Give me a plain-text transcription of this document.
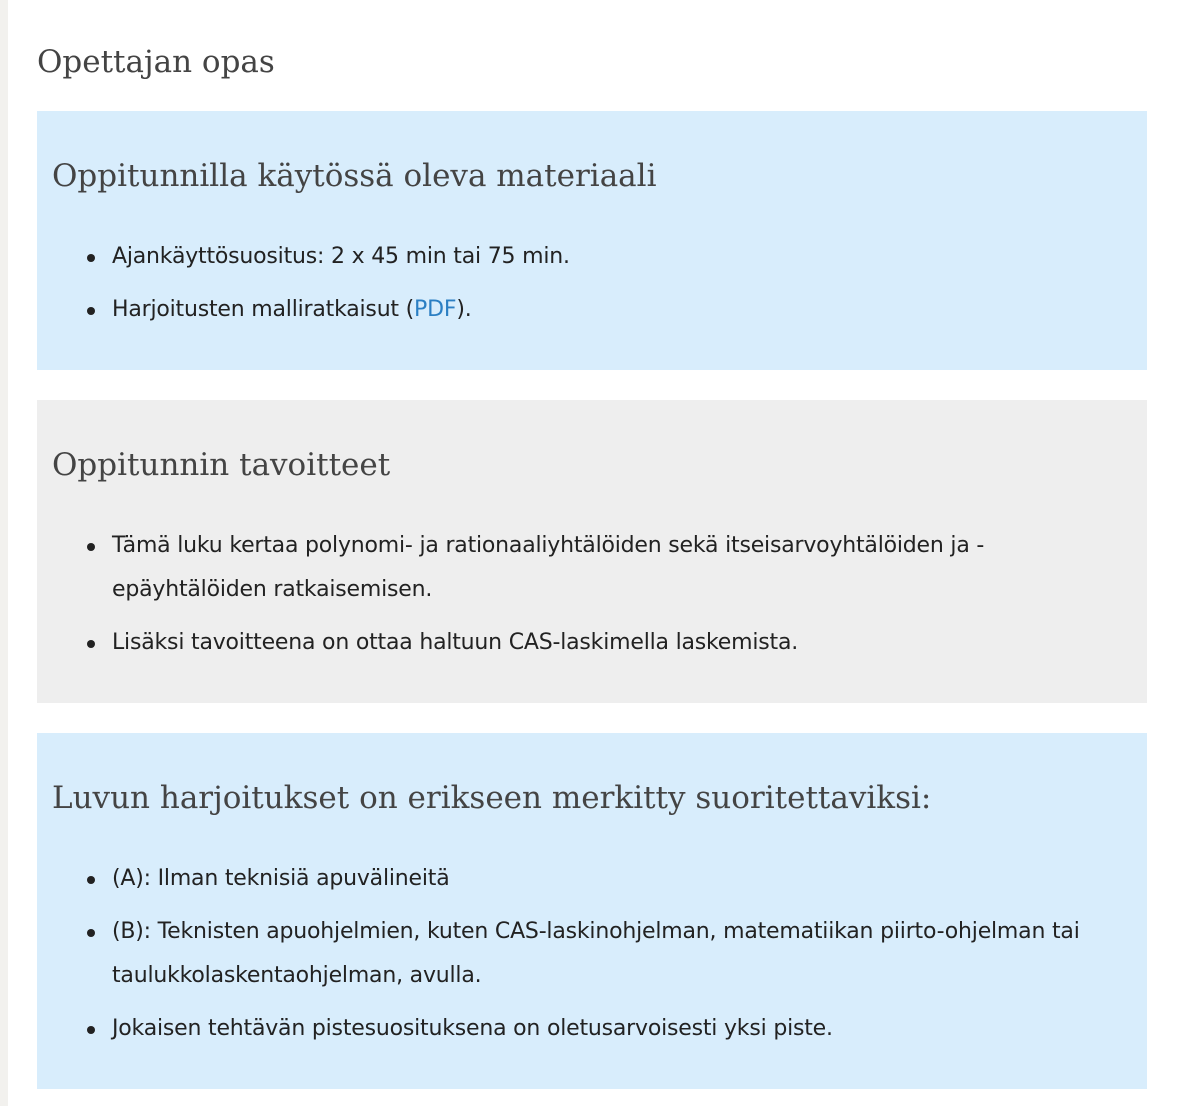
Opettajan opas
Oppitunnilla käytössä oleva materiaali
Ajankäyttösuositus: 2 x 45 min tai 75 min.
Harjoitusten malliratkaisut (PDF).
Oppitunnin tavoitteet
Tämä luku kertaa polynomi- ja rationaaliyhtälöiden sekä itseisarvoyhtälöiden ja -epäyhtälöiden ratkaisemisen.
Lisäksi tavoitteena on ottaa haltuun CAS-laskimella laskemista.
Luvun harjoitukset on erikseen merkitty suoritettaviksi:
(A): Ilman teknisiä apuvälineitä
(B): Teknisten apuohjelmien, kuten CAS-laskinohjelman, matematiikan piirto-ohjelman tai taulukkolaskentaohjelman, avulla.
Jokaisen tehtävän pistesuosituksena on oletusarvoisesti yksi piste.
